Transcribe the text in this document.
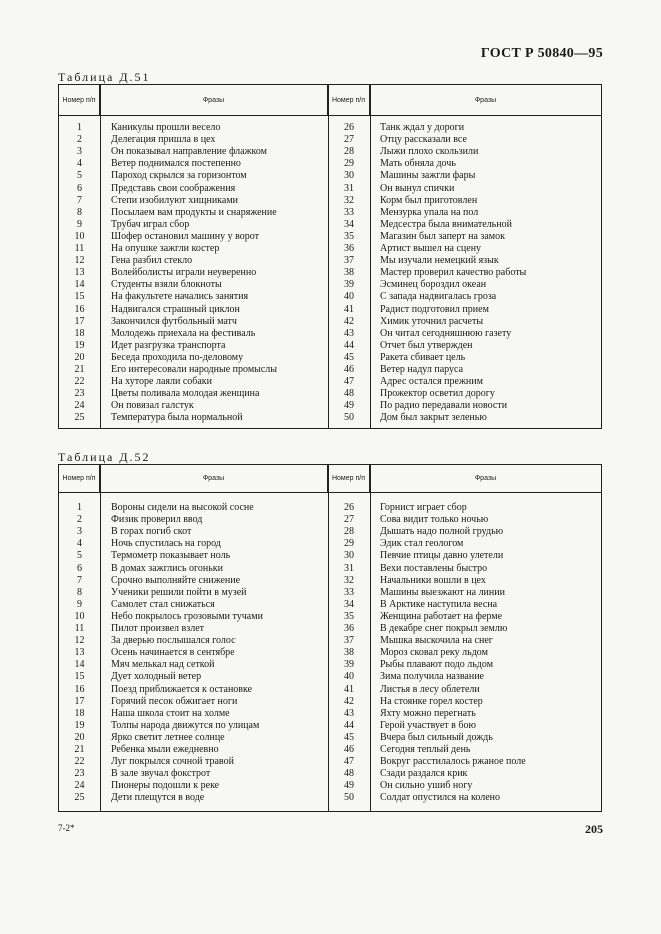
ГОСТ Р 50840—95
Таблица Д.51
Номер п/п	Фразы	Номер п/п	Фразы
1	Каникулы прошли весело	26	Танк ждал у дороги
2	Делегация пришла в цех	27	Отцу рассказали все
3	Он показывал направление флажком	28	Лыжи плохо скользили
4	Ветер поднимался постепенно	29	Мать обняла дочь
5	Пароход скрылся за горизонтом	30	Машины зажгли фары
6	Представь свои соображения	31	Он вынул спички
7	Степи изобилуют хищниками	32	Корм был приготовлен
8	Посылаем вам продукты и снаряжение	33	Мензурка упала на пол
9	Трубач играл сбор	34	Медсестра была внимательной
10	Шофер остановил машину у ворот	35	Магазин был заперт на замок
11	На опушке зажгли костер	36	Артист вышел на сцену
12	Гена разбил стекло	37	Мы изучали немецкий язык
13	Волейболисты играли неуверенно	38	Мастер проверил качество работы
14	Студенты взяли блокноты	39	Эсминец бороздил океан
15	На факультете начались занятия	40	С запада надвигалась гроза
16	Надвигался страшный циклон	41	Радист подготовил прием
17	Закончился футбольный матч	42	Химик уточнил расчеты
18	Молодежь приехала на фестиваль	43	Он читал сегодняшнюю газету
19	Идет разгрузка транспорта	44	Отчет был утвержден
20	Беседа проходила по-деловому	45	Ракета сбивает цель
21	Его интересовали народные промыслы	46	Ветер надул паруса
22	На хуторе лаяли собаки	47	Адрес остался прежним
23	Цветы поливала молодая женщина	48	Прожектор осветил дорогу
24	Он повязал галстук	49	По радио передавали новости
25	Температура была нормальной	50	Дом был закрыт зеленью
Таблица Д.52
Номер п/п	Фразы	Номер п/п	Фразы
1	Вороны сидели на высокой сосне	26	Горнист играет сбор
2	Физик проверил ввод	27	Сова видит только ночью
3	В горах погиб скот	28	Дышать надо полной грудью
4	Ночь спустилась на город	29	Эдик стал геологом
5	Термометр показывает ноль	30	Певчие птицы давно улетели
6	В домах зажглись огоньки	31	Вехи поставлены быстро
7	Срочно выполняйте снижение	32	Начальники вошли в цех
8	Ученики решили пойти в музей	33	Машины выезжают на линии
9	Самолет стал снижаться	34	В Арктике наступила весна
10	Небо покрылось грозовыми тучами	35	Женщина работает на ферме
11	Пилот произвел взлет	36	В декабре снег покрыл землю
12	За дверью послышался голос	37	Мышка выскочила на снег
13	Осень начинается в сентябре	38	Мороз сковал реку льдом
14	Мяч мелькал над сеткой	39	Рыбы плавают подо льдом
15	Дует холодный ветер	40	Зима получила название
16	Поезд приближается к остановке	41	Листья в лесу облетели
17	Горячий песок обжигает ноги	42	На стоянке горел костер
18	Наша школа стоит на холме	43	Яхту можно перегнать
19	Толпы народа движутся по улицам	44	Герой участвует в бою
20	Ярко светит летнее солнце	45	Вчера был сильный дождь
21	Ребенка мыли ежедневно	46	Сегодня теплый день
22	Луг покрылся сочной травой	47	Вокруг расстилалось ржаное поле
23	В зале звучал фокстрот	48	Сзади раздался крик
24	Пионеры подошли к реке	49	Он сильно ушиб ногу
25	Дети плещутся в воде	50	Солдат опустился на колено
7-2*	205
